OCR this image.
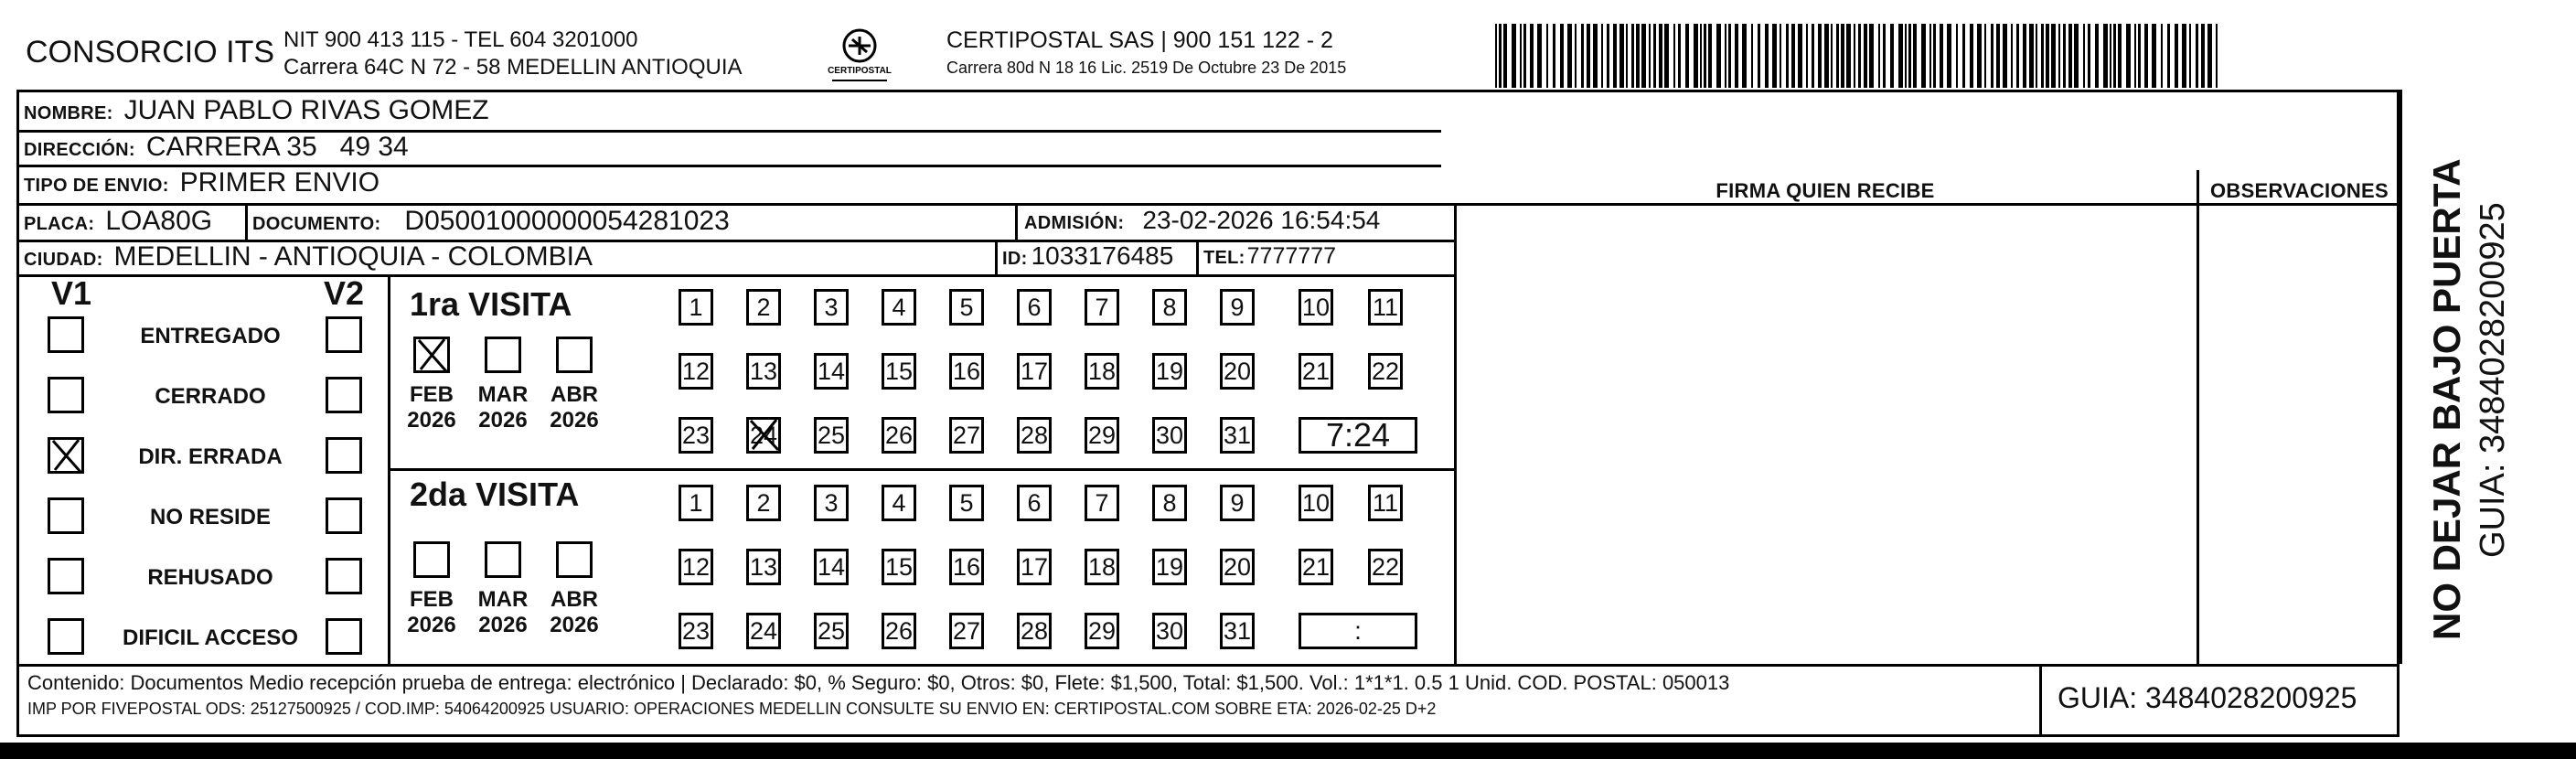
CONSORCIO ITS NIT 900 413 115 - TEL 604 3201000
Carrera 64C N 72 - 58 MEDELLIN ANTIOQUIA	CERTIPOSTAL
CERTIPOSTAL SAS | 900 151 122 - 2
Carrera 80d N 18 16 Lic. 2519 De Octubre 23 De 2015
NOMBRE: JUAN PABLO RIVAS GOMEZ
DIRECCIÓN: CARRERA 35   49 34
TIPO DE ENVIO: PRIMER ENVIO
PLACA: LOA80G DOCUMENTO: D05001000000054281023	ADMISIÓN: 23-02-2026 16:54:54
CIUDAD: MEDELLIN - ANTIOQUIA - COLOMBIA	ID: 1033176485 TEL: 7777777
FIRMA QUIEN RECIBE	OBSERVACIONES
V1	V2 1ra VISITA
2da VISITA	NO DEJAR BAJO PUERTA GUIA: 3484028200925
Contenido: Documentos Medio recepción prueba de entrega: electrónico | Declarado: $0, % Seguro: $0, Otros: $0, Flete: $1,500, Total: $1,500. Vol.: 1*1*1. 0.5 1 Unid. COD. POSTAL: 050013
IMP POR FIVEPOSTAL ODS: 25127500925 / COD.IMP: 54064200925 USUARIO: OPERACIONES MEDELLIN CONSULTE SU ENVIO EN: CERTIPOSTAL.COM SOBRE ETA: 2026-02-25 D+2	GUIA: 3484028200925
ENTREGADO
CERRADO
DIR. ERRADA
NO RESIDE
REHUSADO
DIFICIL ACCESO
FEB
2026
MAR
2026
ABR
2026
FEB
2026
MAR
2026
ABR
2026
1 2 3 4 5 6 7 8 9 10 11
12 13 14 15 16 17 18 19 20 21 22
23 24 25 26 27 28 29 30 31 7:24
1 2 3 4 5 6 7 8 9 10 11
12 13 14 15 16 17 18 19 20 21 22
23 24 25 26 27 28 29 30 31	:
